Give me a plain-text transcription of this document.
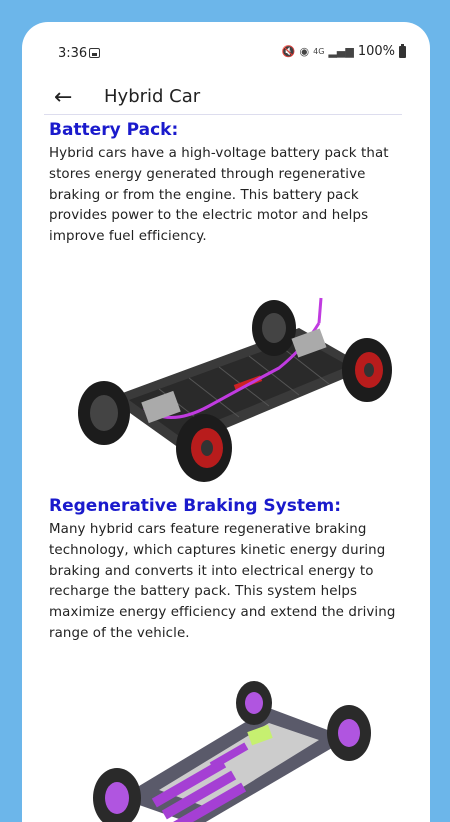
3:36	🔇 ◉ 4G ▂▄▆ 100%
← Hybrid Car
Battery Pack:

Hybrid cars have a high-voltage battery pack that stores energy generated through regenerative braking or from the engine. This battery pack provides power to the electric motor and helps improve fuel efficiency.

Regenerative Braking System:

Many hybrid cars feature regenerative braking technology, which captures kinetic energy during braking and converts it into electrical energy to recharge the battery pack. This system helps maximize energy efficiency and extend the driving range of the vehicle.
